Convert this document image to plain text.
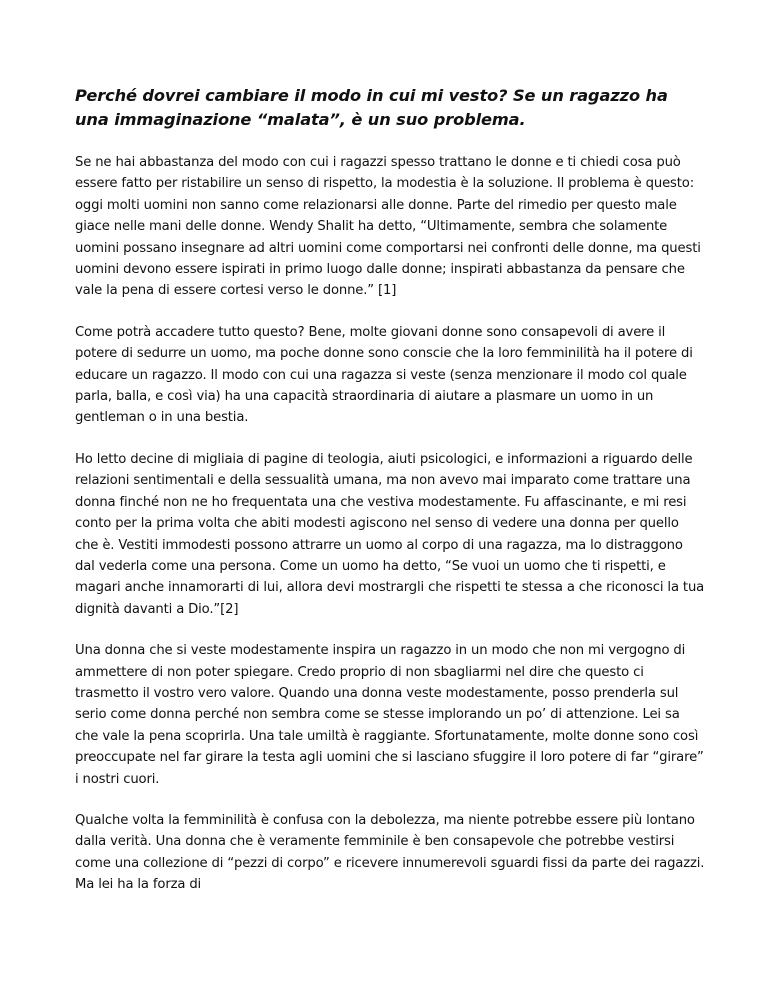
Perché dovrei cambiare il modo in cui mi vesto? Se un ragazzo ha una immaginazione “malata”, è un suo problema.

Se ne hai abbastanza del modo con cui i ragazzi spesso trattano le donne e ti chiedi cosa può essere fatto per ristabilire un senso di rispetto, la modestia è la soluzione. Il problema è questo: oggi molti uomini non sanno come relazionarsi alle donne. Parte del rimedio per questo male giace nelle mani delle donne. Wendy Shalit ha detto, “Ultimamente, sembra che solamente uomini possano insegnare ad altri uomini come comportarsi nei confronti delle donne, ma questi uomini devono essere ispirati in primo luogo dalle donne; inspirati abbastanza da pensare che vale la pena di essere cortesi verso le donne.” [1]

Come potrà accadere tutto questo? Bene, molte giovani donne sono consapevoli di avere il potere di sedurre un uomo, ma poche donne sono conscie che la loro femminilità ha il potere di educare un ragazzo. Il modo con cui una ragazza si veste (senza menzionare il modo col quale parla, balla, e così via) ha una capacità straordinaria di aiutare a plasmare un uomo in un gentleman o in una bestia.

Ho letto decine di migliaia di pagine di teologia, aiuti psicologici, e informazioni a riguardo delle relazioni sentimentali e della sessualità umana, ma non avevo mai imparato come trattare una donna finché non ne ho frequentata una che vestiva modestamente. Fu affascinante, e mi resi conto per la prima volta che abiti modesti agiscono nel senso di vedere una donna per quello che è. Vestiti immodesti possono attrarre un uomo al corpo di una ragazza, ma lo distraggono dal vederla come una persona. Come un uomo ha detto, “Se vuoi un uomo che ti rispetti, e magari anche innamorarti di lui, allora devi mostrargli che rispetti te stessa a che riconosci la tua dignità davanti a Dio.”[2]

Una donna che si veste modestamente inspira un ragazzo in un modo che non mi vergogno di ammettere di non poter spiegare. Credo proprio di non sbagliarmi nel dire che questo ci trasmetto il vostro vero valore. Quando una donna veste modestamente, posso prenderla sul serio come donna perché non sembra come se stesse implorando un po’ di attenzione. Lei sa che vale la pena scoprirla. Una tale umiltà è raggiante. Sfortunatamente, molte donne sono così preoccupate nel far girare la testa agli uomini che si lasciano sfuggire il loro potere di far “girare” i nostri cuori.

Qualche volta la femminilità è confusa con la debolezza, ma niente potrebbe essere più lontano dalla verità. Una donna che è veramente femminile è ben consapevole che potrebbe vestirsi come una collezione di “pezzi di corpo” e ricevere innumerevoli sguardi fissi da parte dei ragazzi. Ma lei ha la forza di
